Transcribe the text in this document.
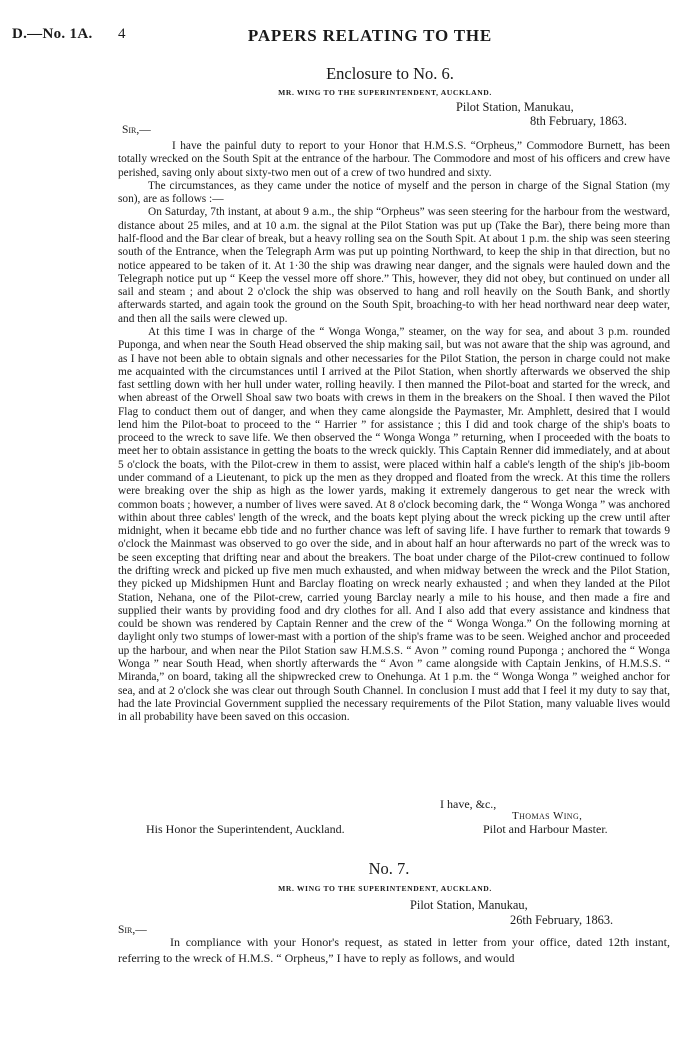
D.—No. 1A. 4	PAPERS RELATING TO THE
Enclosure to No. 6.
MR. WING TO THE SUPERINTENDENT, AUCKLAND.
Pilot Station, Manukau,
8th February, 1863.
Sir,—

I have the painful duty to report to your Honor that H.M.S.S. “Orpheus,” Commodore Burnett, has been totally wrecked on the South Spit at the entrance of the harbour. The Commodore and most of his officers and crew have perished, saving only about sixty-two men out of a crew of two hundred and sixty.

The circumstances, as they came under the notice of myself and the person in charge of the Signal Station (my son), are as follows :—

On Saturday, 7th instant, at about 9 a.m., the ship “Orpheus” was seen steering for the harbour from the westward, distance about 25 miles, and at 10 a.m. the signal at the Pilot Station was put up (Take the Bar), there being more than half-flood and the Bar clear of break, but a heavy rolling sea on the South Spit. At about 1 p.m. the ship was seen steering south of the Entrance, when the Telegraph Arm was put up pointing Northward, to keep the ship in that direction, but no notice appeared to be taken of it. At 1·30 the ship was drawing near danger, and the signals were hauled down and the Telegraph notice put up “ Keep the vessel more off shore.” This, however, they did not obey, but continued on under all sail and steam ; and about 2 o'clock the ship was observed to hang and roll heavily on the South Bank, and shortly afterwards started, and again took the ground on the South Spit, broaching-to with her head northward near deep water, and then all the sails were clewed up.

At this time I was in charge of the “ Wonga Wonga,” steamer, on the way for sea, and about 3 p.m. rounded Puponga, and when near the South Head observed the ship making sail, but was not aware that the ship was aground, and as I have not been able to obtain signals and other necessaries for the Pilot Station, the person in charge could not make me acquainted with the circumstances until I arrived at the Pilot Station, when shortly afterwards we observed the ship fast settling down with her hull under water, rolling heavily. I then manned the Pilot-boat and started for the wreck, and when abreast of the Orwell Shoal saw two boats with crews in them in the breakers on the Shoal. I then waved the Pilot Flag to conduct them out of danger, and when they came alongside the Paymaster, Mr. Amphlett, desired that I would lend him the Pilot-boat to proceed to the “ Harrier ” for assistance ; this I did and took charge of the ship's boats to proceed to the wreck to save life. We then observed the “ Wonga Wonga ” returning, when I proceeded with the boats to meet her to obtain assistance in getting the boats to the wreck quickly. This Captain Renner did immediately, and at about 5 o'clock the boats, with the Pilot-crew in them to assist, were placed within half a cable's length of the ship's jib-boom under command of a Lieutenant, to pick up the men as they dropped and floated from the wreck. At this time the rollers were breaking over the ship as high as the lower yards, making it extremely dangerous to get near the wreck with common boats ; however, a number of lives were saved. At 8 o'clock becoming dark, the “ Wonga Wonga ” was anchored within about three cables' length of the wreck, and the boats kept plying about the wreck picking up the crew until after midnight, when it became ebb tide and no further chance was left of saving life. I have further to remark that towards 9 o'clock the Mainmast was observed to go over the side, and in about half an hour afterwards no part of the wreck was to be seen excepting that drifting near and about the breakers. The boat under charge of the Pilot-crew continued to follow the drifting wreck and picked up five men much exhausted, and when midway between the wreck and the Pilot Station, they picked up Midshipmen Hunt and Barclay floating on wreck nearly exhausted ; and when they landed at the Pilot Station, Nehana, one of the Pilot-crew, carried young Barclay nearly a mile to his house, and then made a fire and supplied their wants by providing food and dry clothes for all. And I also add that every assistance and kindness that could be shown was rendered by Captain Renner and the crew of the “ Wonga Wonga.” On the following morning at daylight only two stumps of lower-mast with a portion of the ship's frame was to be seen. Weighed anchor and proceeded up the harbour, and when near the Pilot Station saw H.M.S.S. “ Avon ” coming round Puponga ; anchored the “ Wonga Wonga ” near South Head, when shortly afterwards the “ Avon ” came alongside with Captain Jenkins, of H.M.S.S. “ Miranda,” on board, taking all the shipwrecked crew to Onehunga. At 1 p.m. the “ Wonga Wonga ” weighed anchor for sea, and at 2 o'clock she was clear out through South Channel. In conclusion I must add that I feel it my duty to say that, had the late Provincial Government supplied the necessary requirements of the Pilot Station, many valuable lives would in all probability have been saved on this occasion.

I have, &c.,
Thomas Wing,
His Honor the Superintendent, Auckland.	Pilot and Harbour Master.
No. 7.
MR. WING TO THE SUPERINTENDENT, AUCKLAND.
Pilot Station, Manukau,
26th February, 1863.
Sir,—

In compliance with your Honor's request, as stated in letter from your office, dated 12th instant, referring to the wreck of H.M.S. “ Orpheus,” I have to reply as follows, and would
